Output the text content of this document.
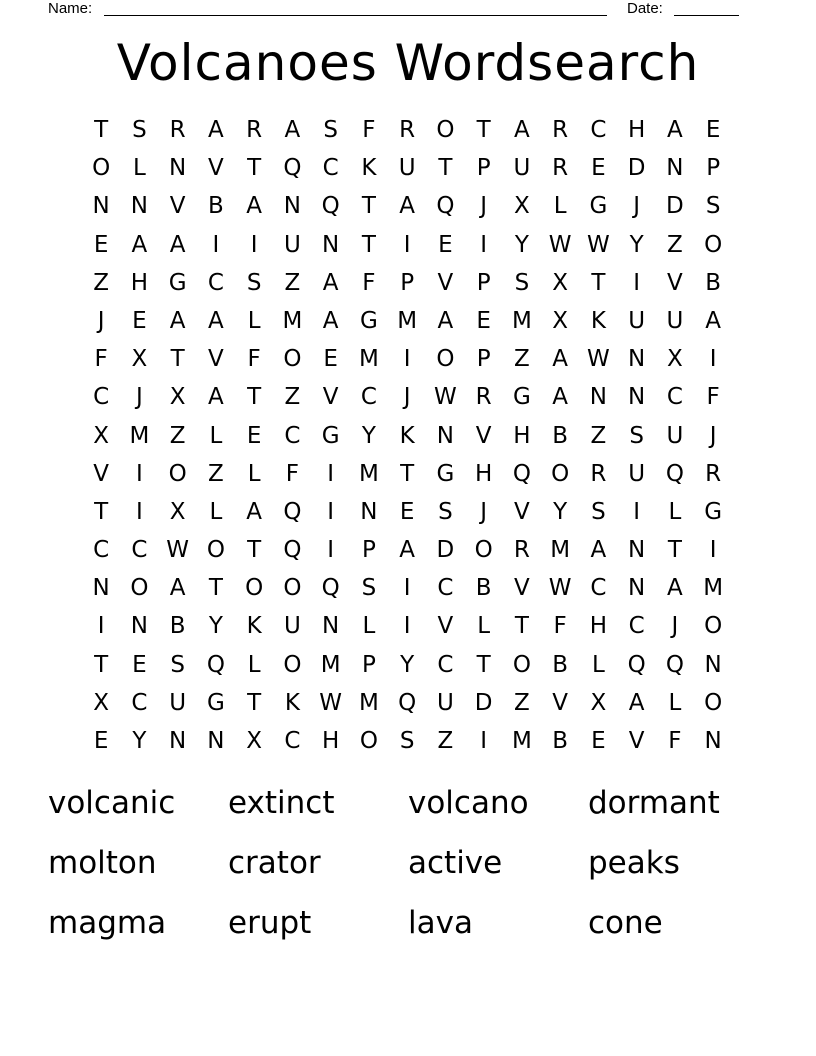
Name:	Date:
Volcanoes Wordsearch
T	S R A R A	S	F	R O T	A R C H A	E
O L	N V	T Q C K U T	P U R E D N P
N N V B A N Q T	A Q	J	X	L G	J	D S
E	A A	I	I	U N T	I	E	I	Y W W Y	Z O
Z H G C S	Z A	F	P	V	P	S	X	T	I	V B
J	E	A A	L M A G M A	E M X K U U A
F	X	T	V	F O E M	I	O P	Z A W N X	I
C	J	X A	T	Z V C	J	W R G A N N C	F
X M Z	L	E C G Y	K N V H B Z	S U	J
V	I	O Z	L	F	I	M T G H Q O R U Q R
T	I	X	L	A Q	I	N E	S	J	V	Y	S	I	L G
C C W O T Q	I	P	A D O R M A N T	I
N O A	T O O Q S	I	C B V W C N A M
I	N B	Y	K U N	L	I	V	L	T	F H C	J	O
T	E	S Q L O M P	Y	C	T O B	L Q Q N
X C U G T	K W M Q U D Z V X A	L O
E	Y N N X C H O S	Z	I	M B	E	V	F	N
volcanic	extinct	volcano	dormant
molton	crator	active	peaks
magma	erupt	lava	cone
